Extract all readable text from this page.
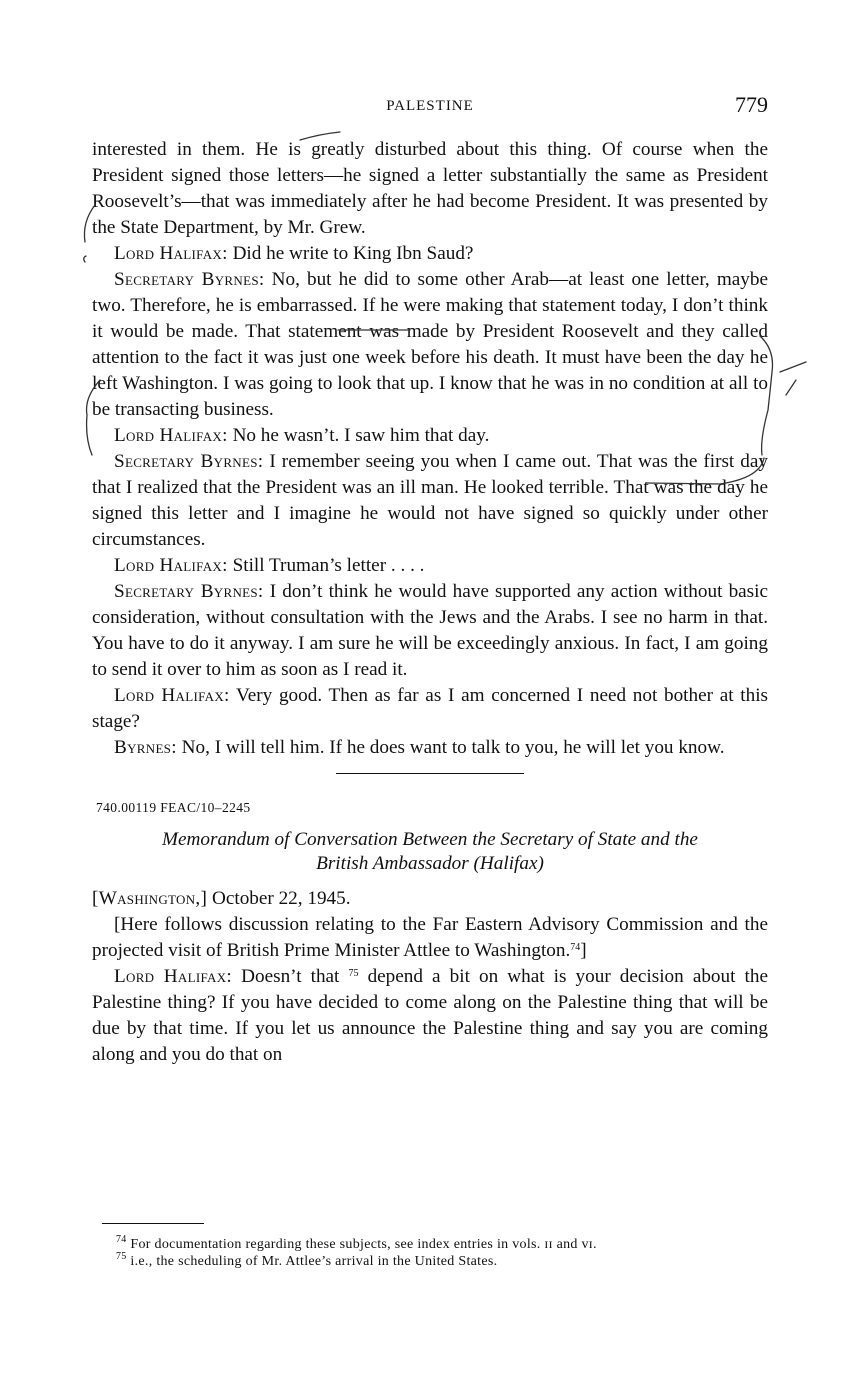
PALESTINE	779

interested in them. He is greatly disturbed about this thing. Of course when the President signed those letters—he signed a letter substantially the same as President Roosevelt’s—that was immediately after he had become President. It was presented by the State Department, by Mr. Grew.

Lord Halifax: Did he write to King Ibn Saud?

Secretary Byrnes: No, but he did to some other Arab—at least one letter, maybe two. Therefore, he is embarrassed. If he were making that statement today, I don’t think it would be made. That statement was made by President Roosevelt and they called attention to the fact it was just one week before his death. It must have been the day he left Washington. I was going to look that up. I know that he was in no condition at all to be transacting business.

Lord Halifax: No he wasn’t. I saw him that day.

Secretary Byrnes: I remember seeing you when I came out. That was the first day that I realized that the President was an ill man. He looked terrible. That was the day he signed this letter and I imagine he would not have signed so quickly under other circumstances.

Lord Halifax: Still Truman’s letter . . . .

Secretary Byrnes: I don’t think he would have supported any action without basic consideration, without consultation with the Jews and the Arabs. I see no harm in that. You have to do it anyway. I am sure he will be exceedingly anxious. In fact, I am going to send it over to him as soon as I read it.

Lord Halifax: Very good. Then as far as I am concerned I need not bother at this stage?

Byrnes: No, I will tell him. If he does want to talk to you, he will let you know.

740.00119 FEAC/10–2245
Memorandum of Conversation Between the Secretary of State and the
British Ambassador (Halifax)

[Washington,] October 22, 1945.

[Here follows discussion relating to the Far Eastern Advisory Commission and the projected visit of British Prime Minister Attlee to Washington.$^{74}$]

Lord Halifax: Doesn’t that $^{75}$ depend a bit on what is your decision about the Palestine thing? If you have decided to come along on the Palestine thing that will be due by that time. If you let us announce the Palestine thing and say you are coming along and you do that on

$^{74}$ For documentation regarding these subjects, see index entries in vols. ɪɪ and ᴠɪ.

$^{75}$ i.e., the scheduling of Mr. Attlee’s arrival in the United States.
